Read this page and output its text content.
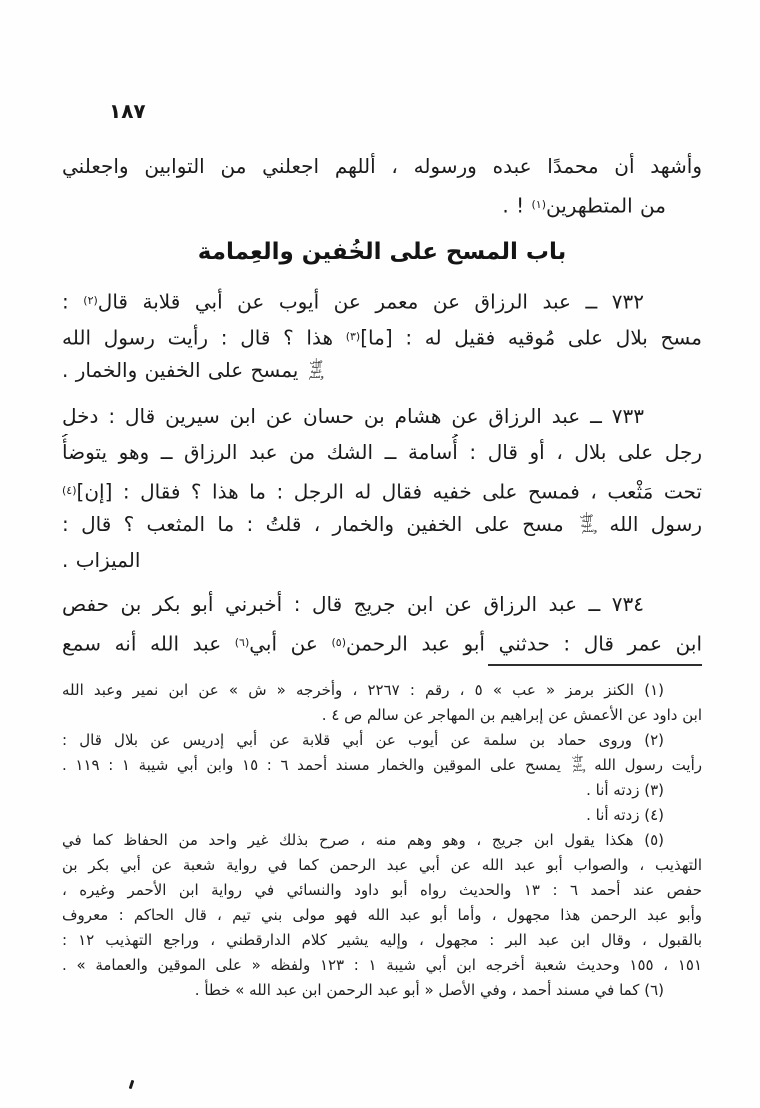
١٨٧
وأشهد أن محمدًا عبده ورسوله ، أللهم اجعلني من التوابين واجعلني
من المتطهرين$^{(١)}$ ! .
باب المسح على الخُفين والعِمامة
٧٣٢ ــ عبد الرزاق عن معمر عن أيوب عن أبي قلابة قال$^{(٢)}$ :
مسح بلال على مُوقيه فقيل له : [ما]$^{(٣)}$ هذا ؟ قال : رأيت رسول الله
صلى الله عليه وسلم يمسح على الخفين والخمار .
٧٣٣ ــ عبد الرزاق عن هشام بن حسان عن ابن سيرين قال : دخل
رجل على بلال ، أو قال : أُسامة ــ الشك من عبد الرزاق ــ وهو يتوضأُ
تحت مَثْعب ، فمسح على خفيه فقال له الرجل : ما هذا ؟ فقال : [إن]$^{(٤)}$
رسول الله صلى الله عليه وسلم مسح على الخفين والخمار ، قلتُ : ما المثعب ؟ قال :
الميزاب .
٧٣٤ ــ عبد الرزاق عن ابن جريج قال : أخبرني أبو بكر بن حفص
ابن عمر قال : حدثني أبو عبد الرحمن$^{(٥)}$ عن أبي$^{(٦)}$ عبد الله أنه سمع
(١) الكنز برمز « عب » ٥ ، رقم : ٢٢٦٧ ، وأخرجه « ش » عن ابن نمير وعبد الله
ابن داود عن الأعمش عن إبراهيم بن المهاجر عن سالم ص ٤ .
(٢) وروى حماد بن سلمة عن أيوب عن أبي قلابة عن أبي إدريس عن بلال قال :
رأيت رسول الله صلى الله عليه وسلم يمسح على الموقين والخمار مسند أحمد ٦ : ١٥ وابن أبي شيبة ١ : ١١٩ .
(٣) زدته أنا .
(٤) زدته أنا .
(٥) هكذا يقول ابن جريج ، وهو وهم منه ، صرح بذلك غير واحد من الحفاظ كما في
التهذيب ، والصواب أبو عبد الله عن أبي عبد الرحمن كما في رواية شعبة عن أبي بكر بن
حفص عند أحمد ٦ : ١٣ والحديث رواه أبو داود والنسائي في رواية ابن الأحمر وغيره ،
وأبو عبد الرحمن هذا مجهول ، وأما أبو عبد الله فهو مولى بني تيم ، قال الحاكم : معروف
بالقبول ، وقال ابن عبد البر : مجهول ، وإليه يشير كلام الدارقطني ، وراجع التهذيب ١٢ :
١٥١ ، ١٥٥ وحديث شعبة أخرجه ابن أبي شيبة ١ : ١٢٣ ولفظه « على الموقين والعمامة » .
(٦) كما في مسند أحمد ، وفي الأصل « أبو عبد الرحمن ابن عبد الله » خطأ .
